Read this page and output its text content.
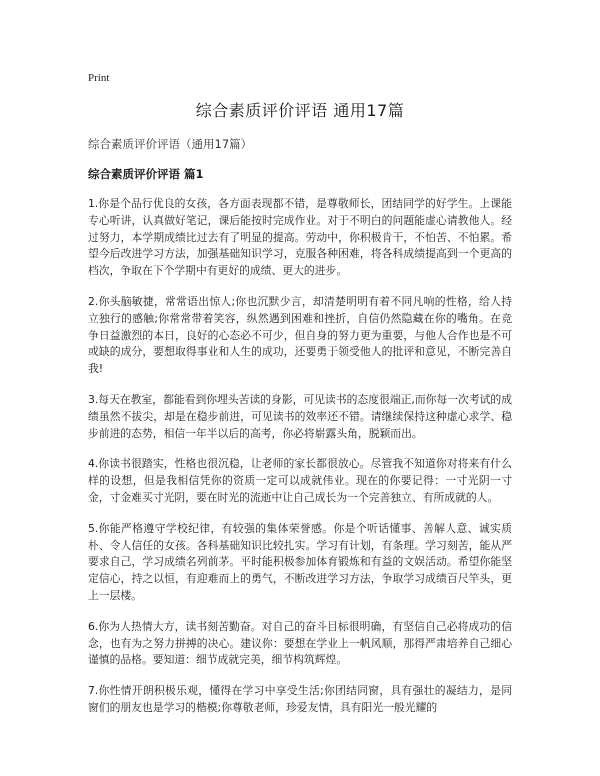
Print
综合素质评价评语 通用17篇

综合素质评价评语（通用17篇）

综合素质评价评语 篇1

1.你是个品行优良的女孩，各方面表现都不错，是尊敬师长，团结同学的好学生。上课能专心听讲，认真做好笔记，课后能按时完成作业。对于不明白的问题能虚心请教他人。经过努力，本学期成绩比过去有了明显的提高。劳动中，你积极肯干，不怕苦、不怕累。希望今后改进学习方法，加强基础知识学习，克服各种困难，将各科成绩提高到一个更高的档次，争取在下个学期中有更好的成绩、更大的进步。

2.你头脑敏捷，常常语出惊人;你也沉默少言，却清楚明明有着不同凡响的性格，给人持立独行的感触;你常常带着笑容，纵然遇到困难和挫折，自信仍然隐藏在你的嘴角。在竞争日益激烈的本日，良好的心态必不可少，但自身的努力更为重要，与他人合作也是不可或缺的成分，要想取得事业和人生的成功，还要勇于领受他人的批评和意见，不断完善自我!

3.每天在教室，都能看到你埋头苦读的身影，可见读书的态度很端正,而你每一次考试的成绩虽然不拔尖，却是在稳步前进，可见读书的效率还不错。请继续保持这种虚心求学、稳步前进的态势，相信一年半以后的高考，你必将崭露头角，脱颖而出。

4.你读书很踏实，性格也很沉稳，让老师的家长都很放心。尽管我不知道你对将来有什么样的设想，但是我相信凭你的资质一定可以成就伟业。现在的你要记得：一寸光阴一寸金，寸金难买寸光阴，要在时光的流逝中让自己成长为一个完善独立、有所成就的人。

5.你能严格遵守学校纪律，有较强的集体荣誉感。你是个听话懂事、善解人意、诚实质朴、令人信任的女孩。各科基础知识比较扎实。学习有计划，有条理。学习刻苦，能从严要求自己，学习成绩名列前茅。平时能积极参加体育锻炼和有益的文娱活动。希望你能坚定信心，持之以恒，有迎难而上的勇气，不断改进学习方法，争取学习成绩百尺竿头，更上一层楼。

6.你为人热情大方，读书刻苦勤奋。对自己的奋斗目标很明确，有坚信自己必将成功的信念，也有为之努力拼搏的决心。建议你：要想在学业上一帆风顺，那得严肃培养自己细心谨慎的品格。要知道：细节成就完美，细节构筑辉煌。

7.你性情开朗积极乐观，懂得在学习中享受生活;你团结同窗，具有强壮的凝结力，是同窗们的朋友也是学习的楷模;你尊敬老师，珍爱友情，具有阳光一般光耀的
